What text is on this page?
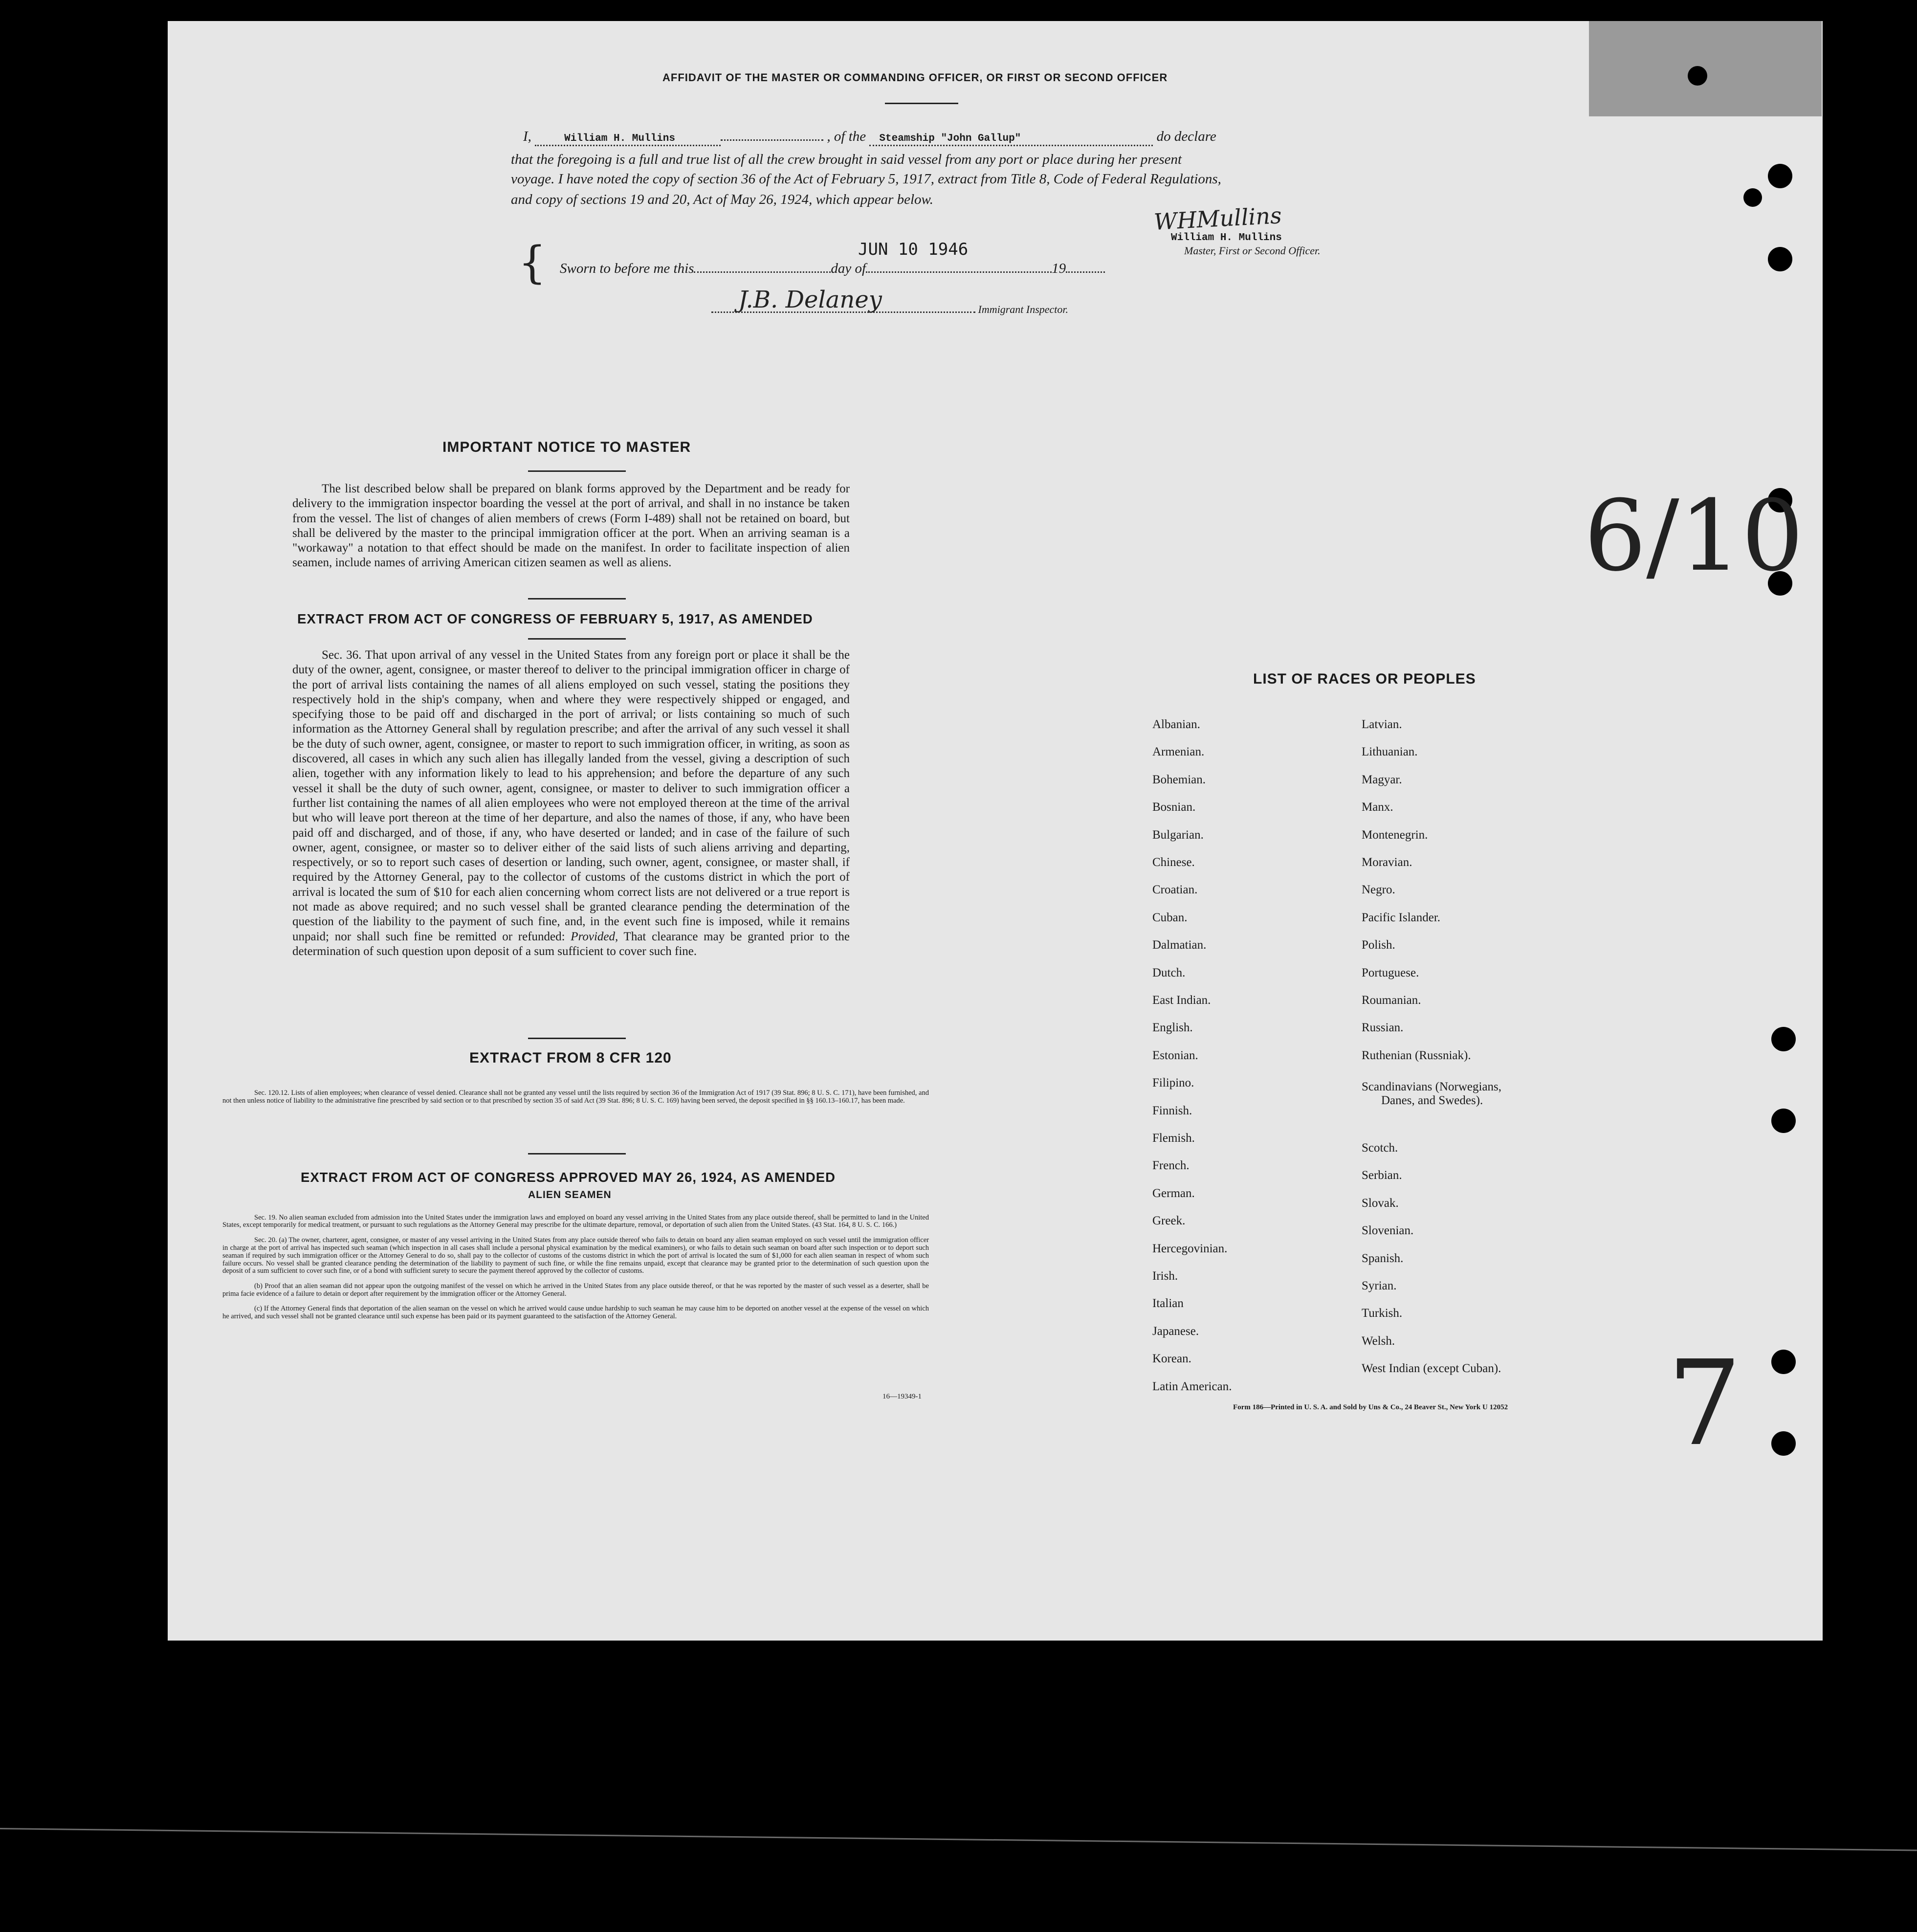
AFFIDAVIT OF THE MASTER OR COMMANDING OFFICER, OR FIRST OR SECOND OFFICER
I,	William H. Mullins	, of the Steamship "John Gallup"	do declare
that the foregoing is a full and true list of all the crew brought in said vessel from any port or place during her present
voyage. I have noted the copy of section 36 of the Act of February 5, 1917, extract from Title 8, Code of Federal Regulations,
and copy of sections 19 and 20, Act of May 26, 1924, which appear below.
WHMullins
William H. Mullins
Master, First or Second Officer.
{ Sworn to before me this	day of	19
JUN 10 1946
J.B. Delaney	Immigrant Inspector.
6/10
7
IMPORTANT NOTICE TO MASTER
The list described below shall be prepared on blank forms approved by the Department and be ready for delivery to the immigration inspector boarding the vessel at the port of arrival, and shall in no instance be taken from the vessel. The list of changes of alien members of crews (Form I-489) shall not be retained on board, but shall be delivered by the master to the principal immigration officer at the port. When an arriving seaman is a "workaway" a notation to that effect should be made on the manifest. In order to facilitate inspection of alien seamen, include names of arriving American citizen seamen as well as aliens.
EXTRACT FROM ACT OF CONGRESS OF FEBRUARY 5, 1917, AS AMENDED
Sec. 36. That upon arrival of any vessel in the United States from any foreign port or place it shall be the duty of the owner, agent, consignee, or master thereof to deliver to the principal immigration officer in charge of the port of arrival lists containing the names of all aliens employed on such vessel, stating the positions they respectively hold in the ship's company, when and where they were respectively shipped or engaged, and specifying those to be paid off and discharged in the port of arrival; or lists containing so much of such information as the Attorney General shall by regulation prescribe; and after the arrival of any such vessel it shall be the duty of such owner, agent, consignee, or master to report to such immigration officer, in writing, as soon as discovered, all cases in which any such alien has illegally landed from the vessel, giving a description of such alien, together with any information likely to lead to his apprehension; and before the departure of any such vessel it shall be the duty of such owner, agent, consignee, or master to deliver to such immigration officer a further list containing the names of all alien employees who were not employed thereon at the time of the arrival but who will leave port thereon at the time of her departure, and also the names of those, if any, who have been paid off and discharged, and of those, if any, who have deserted or landed; and in case of the failure of such owner, agent, consignee, or master so to deliver either of the said lists of such aliens arriving and departing, respectively, or so to report such cases of desertion or landing, such owner, agent, consignee, or master shall, if required by the Attorney General, pay to the collector of customs of the customs district in which the port of arrival is located the sum of $10 for each alien concerning whom correct lists are not delivered or a true report is not made as above required; and no such vessel shall be granted clearance pending the determination of the question of the liability to the payment of such fine, and, in the event such fine is imposed, while it remains unpaid; nor shall such fine be remitted or refunded: Provided, That clearance may be granted prior to the determination of such question upon deposit of a sum sufficient to cover such fine.
EXTRACT FROM 8 CFR 120
Sec. 120.12. Lists of alien employees; when clearance of vessel denied. Clearance shall not be granted any vessel until the lists required by section 36 of the Immigration Act of 1917 (39 Stat. 896; 8 U. S. C. 171), have been furnished, and not then unless notice of liability to the administrative fine prescribed by said section or to that prescribed by section 35 of said Act (39 Stat. 896; 8 U. S. C. 169) having been served, the deposit specified in §§ 160.13–160.17, has been made.
EXTRACT FROM ACT OF CONGRESS APPROVED MAY 26, 1924, AS AMENDED
ALIEN SEAMEN

Sec. 19. No alien seaman excluded from admission into the United States under the immigration laws and employed on board any vessel arriving in the United States from any place outside thereof, shall be permitted to land in the United States, except temporarily for medical treatment, or pursuant to such regulations as the Attorney General may prescribe for the ultimate departure, removal, or deportation of such alien from the United States. (43 Stat. 164, 8 U. S. C. 166.)

Sec. 20. (a) The owner, charterer, agent, consignee, or master of any vessel arriving in the United States from any place outside thereof who fails to detain on board any alien seaman employed on such vessel until the immigration officer in charge at the port of arrival has inspected such seaman (which inspection in all cases shall include a personal physical examination by the medical examiners), or who fails to detain such seaman on board after such inspection or to deport such seaman if required by such immigration officer or the Attorney General to do so, shall pay to the collector of customs of the customs district in which the port of arrival is located the sum of $1,000 for each alien seaman in respect of whom such failure occurs. No vessel shall be granted clearance pending the determination of the liability to payment of such fine, or while the fine remains unpaid, except that clearance may be granted prior to the determination of such question upon the deposit of a sum sufficient to cover such fine, or of a bond with sufficient surety to secure the payment thereof approved by the collector of customs.

(b) Proof that an alien seaman did not appear upon the outgoing manifest of the vessel on which he arrived in the United States from any place outside thereof, or that he was reported by the master of such vessel as a deserter, shall be prima facie evidence of a failure to detain or deport after requirement by the immigration officer or the Attorney General.

(c) If the Attorney General finds that deportation of the alien seaman on the vessel on which he arrived would cause undue hardship to such seaman he may cause him to be deported on another vessel at the expense of the vessel on which he arrived, and such vessel shall not be granted clearance until such expense has been paid or its payment guaranteed to the satisfaction of the Attorney General.

16—19349-1
LIST OF RACES OR PEOPLES
Albanian.
Armenian.
Bohemian.
Bosnian.
Bulgarian.
Chinese.
Croatian.
Cuban.
Dalmatian.
Dutch.
East Indian.
English.
Estonian.
Filipino.
Finnish.
Flemish.
French.
German.
Greek.
Hercegovinian.
Irish.
Italian
Japanese.
Korean.
Latin American.
Latvian.
Lithuanian.
Magyar.
Manx.
Montenegrin.
Moravian.
Negro.
Pacific Islander.
Polish.
Portuguese.
Roumanian.
Russian.
Ruthenian (Russniak).
Scandinavians (Norwegians,
Danes, and Swedes).
Scotch.
Serbian.
Slovak.
Slovenian.
Spanish.
Syrian.
Turkish.
Welsh.
West Indian (except Cuban).
Form 186—Printed in U. S. A. and Sold by Uns & Co., 24 Beaver St., New York U 12052
